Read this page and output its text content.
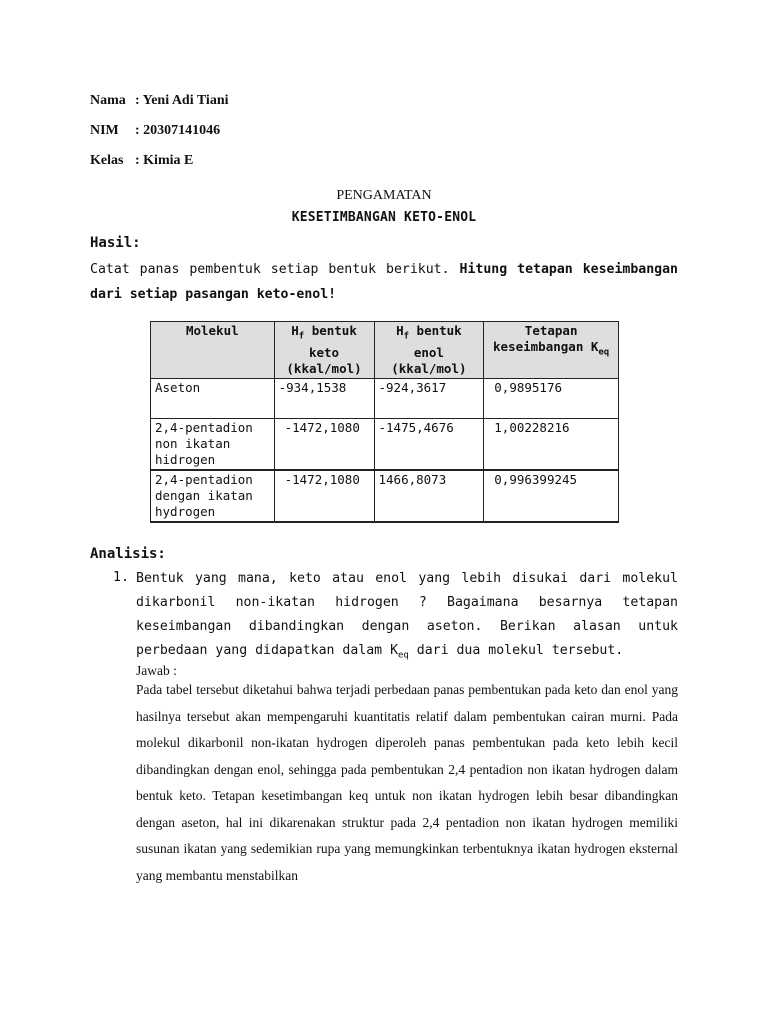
Nama : Yeni Adi Tiani
NIM : 20307141046
Kelas : Kimia E
PENGAMATAN
KESETIMBANGAN KETO-ENOL
Hasil:
Catat panas pembentuk setiap bentuk berikut. Hitung tetapan keseimbangan dari setiap pasangan keto-enol!
Molekul	$H_f$ bentuk keto (kkal/mol)	$H_f$ bentuk enol (kkal/mol)	Tetapan keseimbangan $K_{eq}$
Aseton	-934,1538	-924,3617	0,9895176
2,4-pentadion non ikatan hidrogen	-1472,1080	-1475,4676	1,00228216
2,4-pentadion dengan ikatan hydrogen	-1472,1080	1466,8073	0,996399245
Analisis:
1. Bentuk yang mana, keto atau enol yang lebih disukai dari molekul dikarbonil non-ikatan hidrogen ? Bagaimana besarnya tetapan keseimbangan dibandingkan dengan aseton. Berikan alasan untuk perbedaan yang didapatkan dalam $K_{eq}$ dari dua molekul tersebut.
Jawab :
Pada tabel tersebut diketahui bahwa terjadi perbedaan panas pembentukan pada keto dan enol yang hasilnya tersebut akan mempengaruhi kuantitatis relatif dalam pembentukan cairan murni. Pada molekul dikarbonil non-ikatan hydrogen diperoleh panas pembentukan pada keto lebih kecil dibandingkan dengan enol, sehingga pada pembentukan 2,4 pentadion non ikatan hydrogen dalam bentuk keto. Tetapan kesetimbangan keq untuk non ikatan hydrogen lebih besar dibandingkan dengan aseton, hal ini dikarenakan struktur pada 2,4 pentadion non ikatan hydrogen memiliki susunan ikatan yang sedemikian rupa yang memungkinkan terbentuknya ikatan hydrogen eksternal yang membantu menstabilkan
